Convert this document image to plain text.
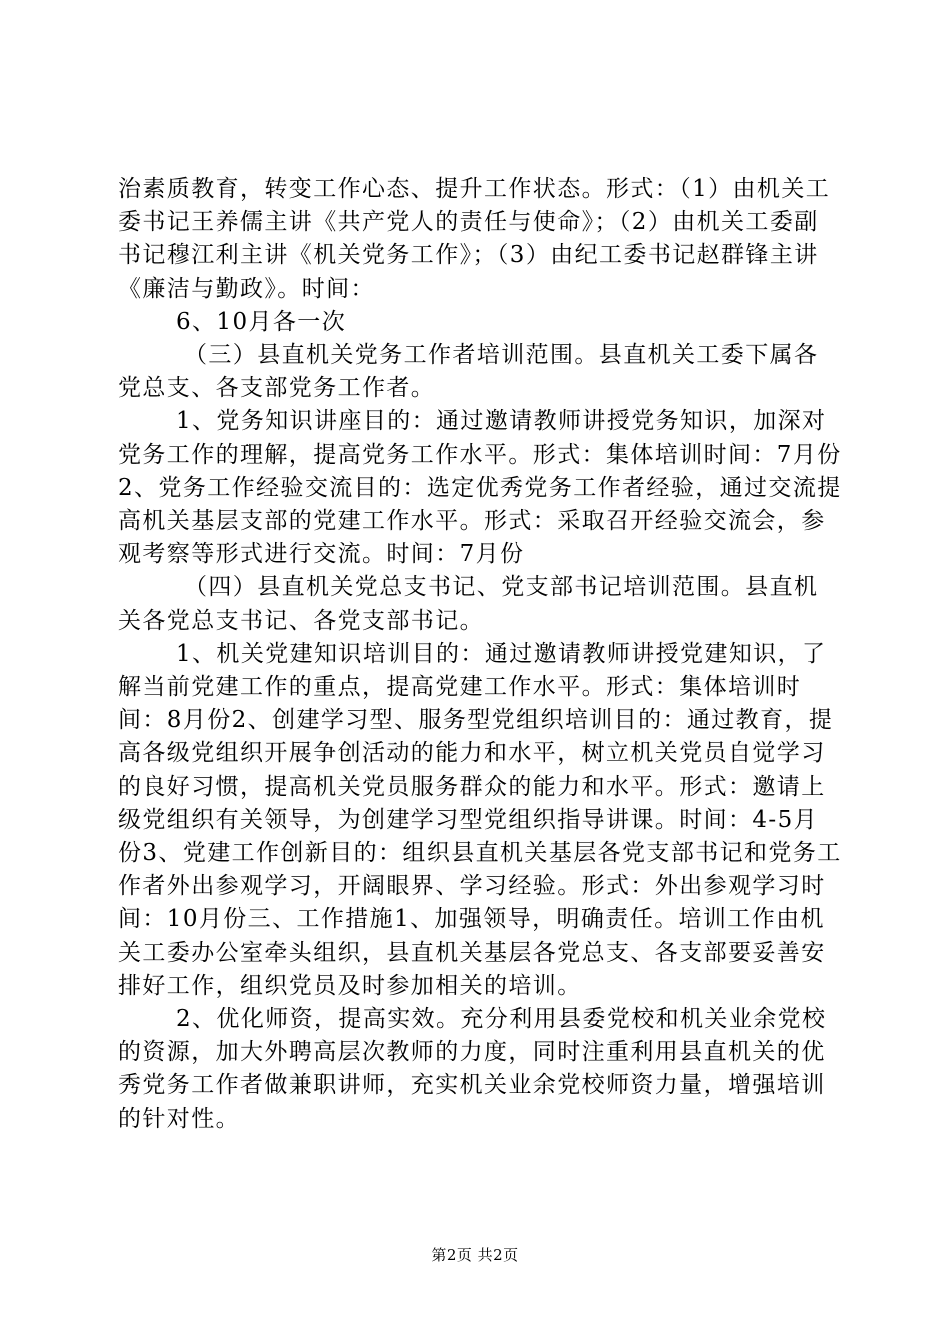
治素质教育，转变工作心态、提升工作状态。形式：（1）由机关工委书记王养儒主讲《共产党人的责任与使命》；（2）由机关工委副书记穆江利主讲《机关党务工作》；（3）由纪工委书记赵群锋主讲《廉洁与勤政》。时间：

6、10月各一次

（三）县直机关党务工作者培训范围。县直机关工委下属各党总支、各支部党务工作者。

1、党务知识讲座目的：通过邀请教师讲授党务知识，加深对党务工作的理解，提高党务工作水平。形式：集体培训时间：7月份2、党务工作经验交流目的：选定优秀党务工作者经验，通过交流提高机关基层支部的党建工作水平。形式：采取召开经验交流会，参观考察等形式进行交流。时间：7月份

（四）县直机关党总支书记、党支部书记培训范围。县直机关各党总支书记、各党支部书记。

1、机关党建知识培训目的：通过邀请教师讲授党建知识，了解当前党建工作的重点，提高党建工作水平。形式：集体培训时间：8月份2、创建学习型、服务型党组织培训目的：通过教育，提高各级党组织开展争创活动的能力和水平，树立机关党员自觉学习的良好习惯，提高机关党员服务群众的能力和水平。形式：邀请上级党组织有关领导，为创建学习型党组织指导讲课。时间：4-5月份3、党建工作创新目的：组织县直机关基层各党支部书记和党务工作者外出参观学习，开阔眼界、学习经验。形式：外出参观学习时间：10月份三、工作措施1、加强领导，明确责任。培训工作由机关工委办公室牵头组织，县直机关基层各党总支、各支部要妥善安排好工作，组织党员及时参加相关的培训。

2、优化师资，提高实效。充分利用县委党校和机关业余党校的资源，加大外聘高层次教师的力度，同时注重利用县直机关的优秀党务工作者做兼职讲师，充实机关业余党校师资力量，增强培训的针对性。

第2页 共2页
